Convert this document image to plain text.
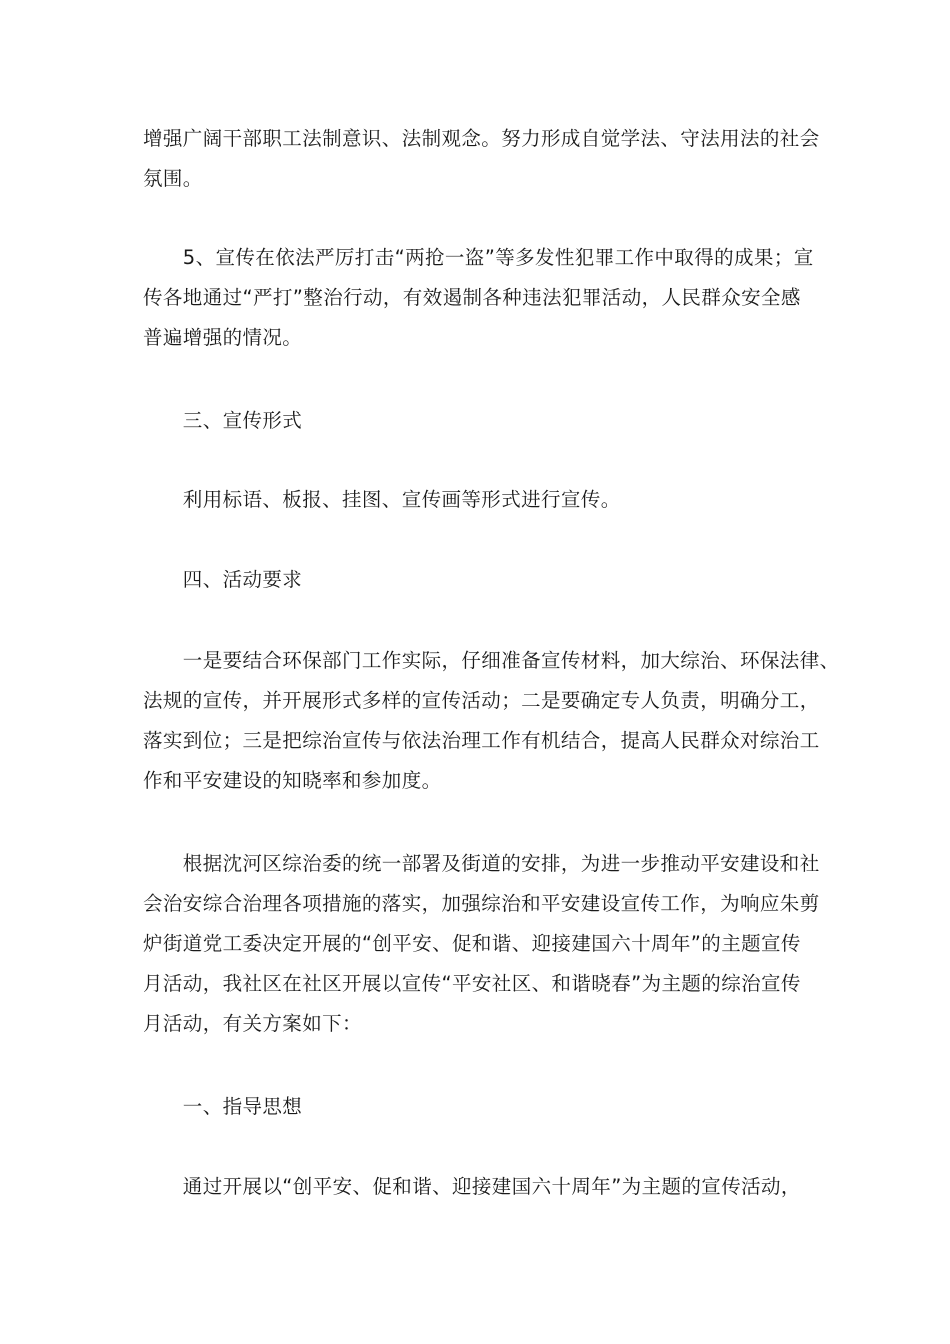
增强广阔干部职工法制意识、法制观念。努力形成自觉学法、守法用法的社会
氛围。
　　5、宣传在依法严厉打击“两抢一盗”等多发性犯罪工作中取得的成果；宣
传各地通过“严打”整治行动，有效遏制各种违法犯罪活动，人民群众安全感
普遍增强的情况。
　　三、宣传形式
　　利用标语、板报、挂图、宣传画等形式进行宣传。
　　四、活动要求
　　一是要结合环保部门工作实际，仔细准备宣传材料，加大综治、环保法律、
法规的宣传，并开展形式多样的宣传活动；二是要确定专人负责，明确分工，
落实到位；三是把综治宣传与依法治理工作有机结合，提高人民群众对综治工
作和平安建设的知晓率和参加度。
　　根据沈河区综治委的统一部署及街道的安排，为进一步推动平安建设和社
会治安综合治理各项措施的落实，加强综治和平安建设宣传工作，为响应朱剪
炉街道党工委决定开展的“创平安、促和谐、迎接建国六十周年”的主题宣传
月活动，我社区在社区开展以宣传“平安社区、和谐晓春”为主题的综治宣传
月活动，有关方案如下：
　　一、指导思想
　　通过开展以“创平安、促和谐、迎接建国六十周年”为主题的宣传活动，
